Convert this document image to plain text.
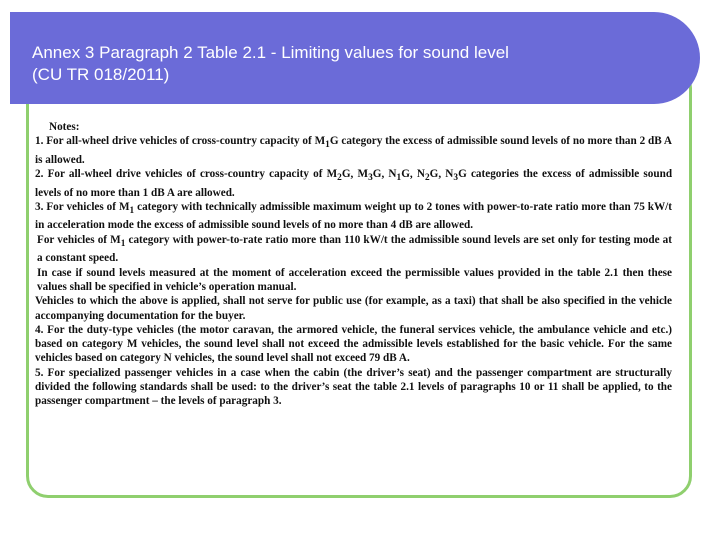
Annex 3 Paragraph 2 Table 2.1 - Limiting values for sound level
(CU TR 018/2011)
Notes:
1. For all-wheel drive vehicles of cross-country capacity of $M_1G$ category the excess of admissible sound levels of no more than 2 dB A is allowed.
2. For all-wheel drive vehicles of cross-country capacity of $M_2G$, $M_3G$, $N_1G$, $N_2G$, $N_3G$ categories the excess of admissible sound levels of no more than 1 dB A are allowed.
3. For vehicles of $M_1$ category with technically admissible maximum weight up to 2 tones with power-to-rate ratio more than 75 kW/t in acceleration mode the excess of admissible sound levels of no more than 4 dB are allowed.
For vehicles of $M_1$ category with power-to-rate ratio more than 110 kW/t the admissible sound levels are set only for testing mode at a constant speed.
In case if sound levels measured at the moment of acceleration exceed the permissible values provided in the table 2.1 then these values shall be specified in vehicle’s operation manual.
Vehicles to which the above is applied, shall not serve for public use (for example, as a taxi) that shall be also specified in the vehicle accompanying documentation for the buyer.
4. For the duty-type vehicles (the motor caravan, the armored vehicle, the funeral services vehicle, the ambulance vehicle and etc.) based on category M vehicles, the sound level shall not exceed the admissible levels established for the basic vehicle. For the same vehicles based on category N vehicles, the sound level shall not exceed 79 dB A.
5. For specialized passenger vehicles in a case when the cabin (the driver’s seat) and the passenger compartment are structurally divided the following standards shall be used: to the driver’s seat the table 2.1 levels of paragraphs 10 or 11 shall be applied, to the passenger compartment – the levels of paragraph 3.
